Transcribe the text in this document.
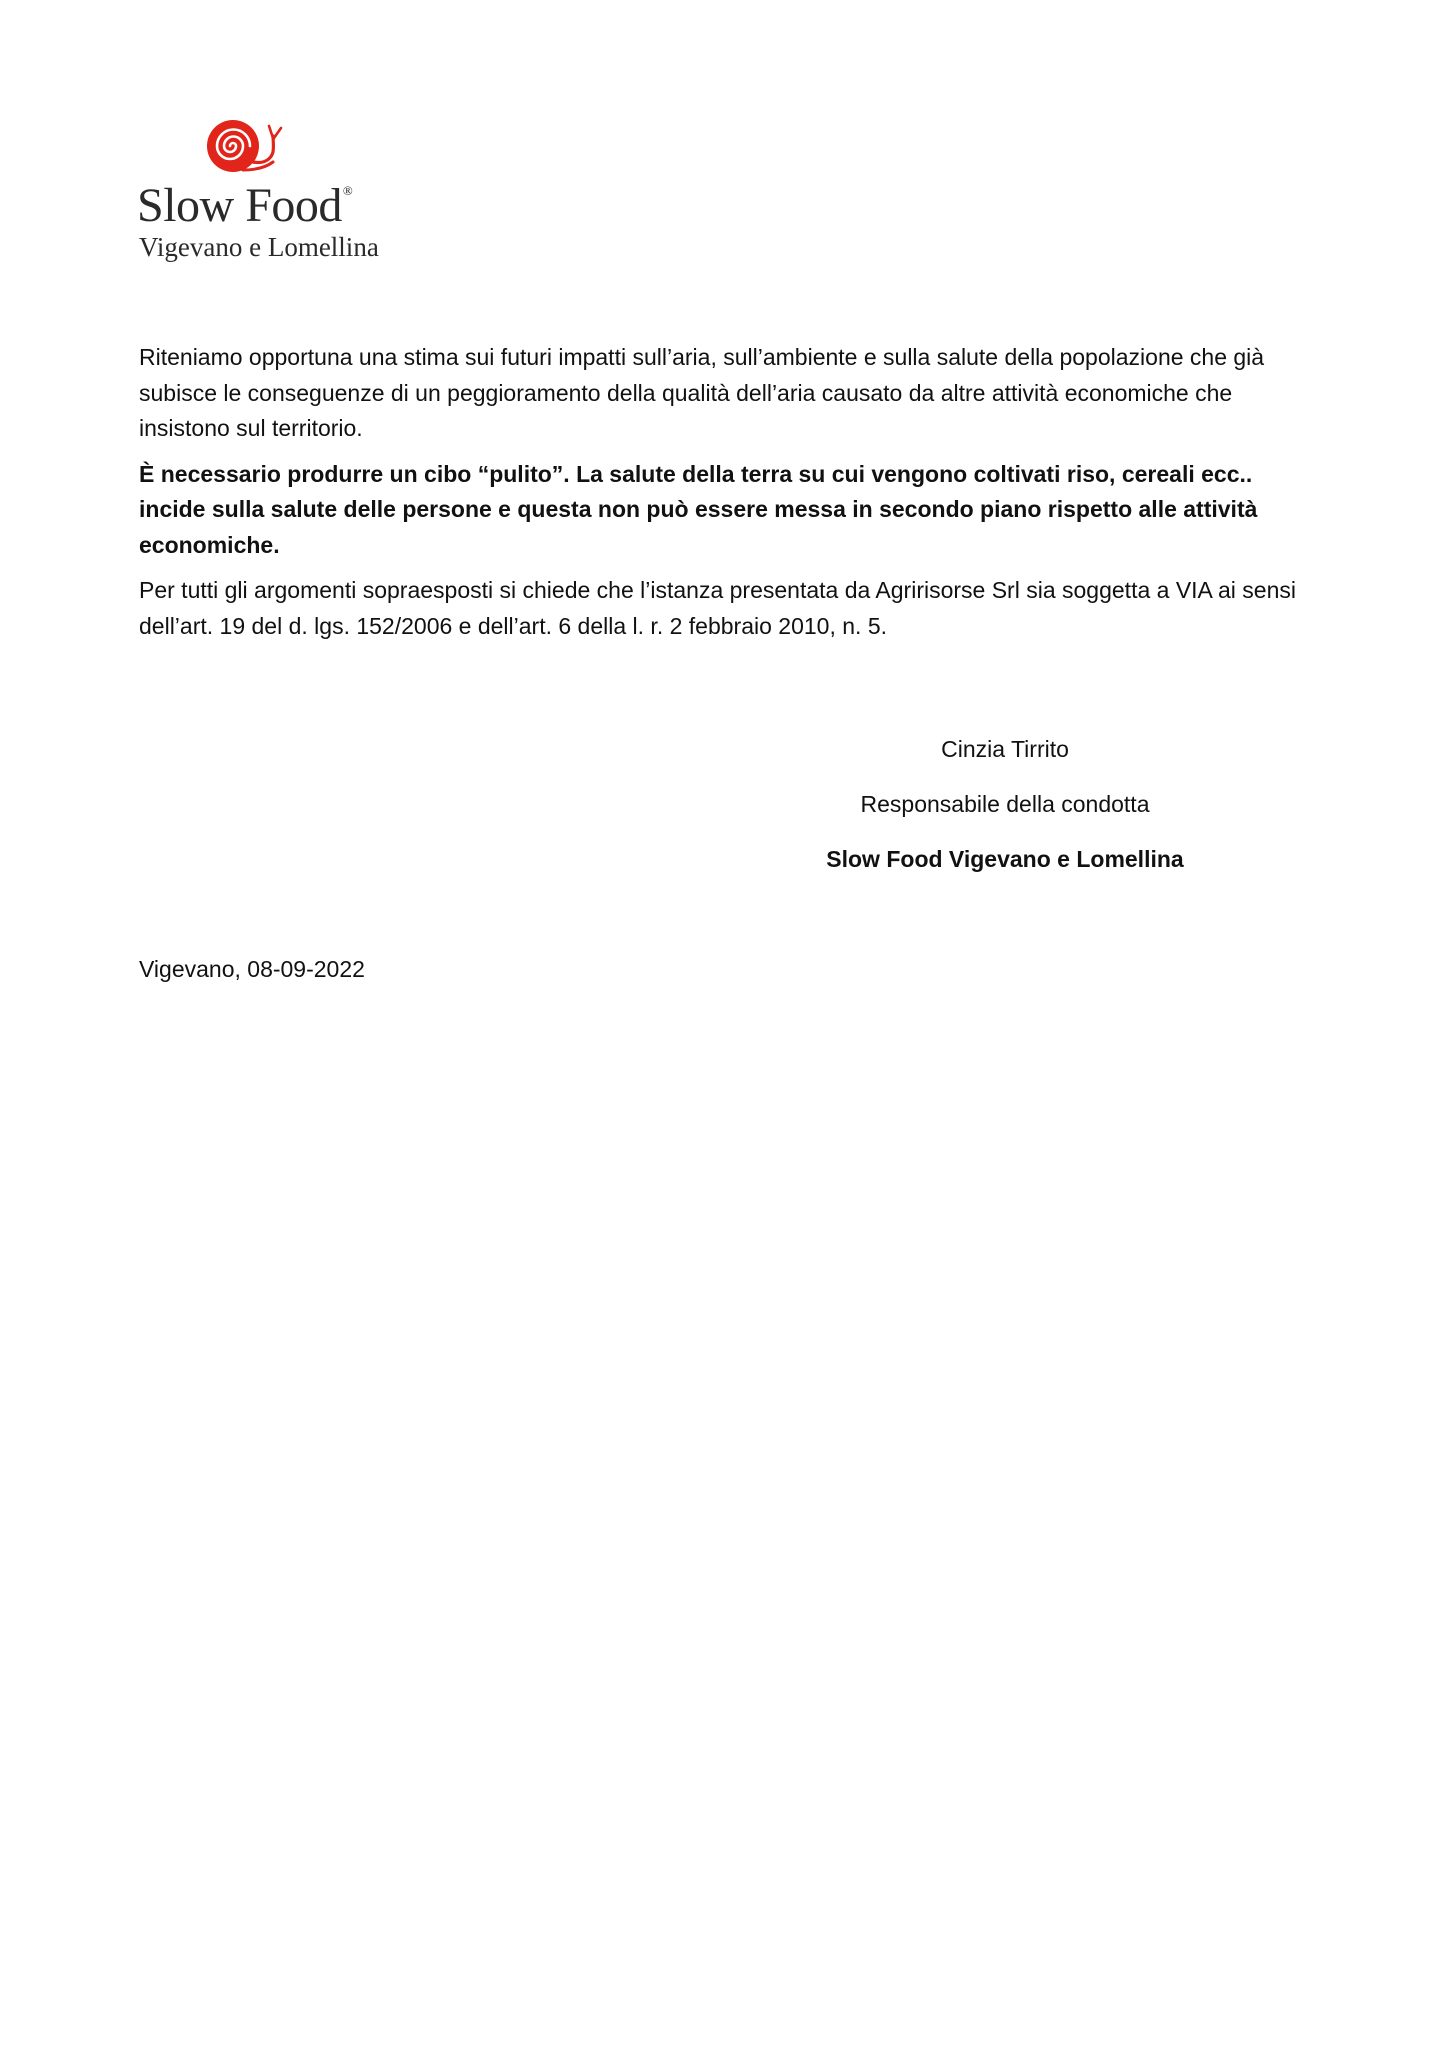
Slow Food®
Vigevano e Lomellina

Riteniamo opportuna una stima sui futuri impatti sull’aria, sull’ambiente e sulla salute della popolazione che già subisce le conseguenze di un peggioramento della qualità dell’aria causato da altre attività economiche che insistono sul territorio.

È necessario produrre un cibo “pulito”. La salute della terra su cui vengono coltivati riso, cereali ecc.. incide sulla salute delle persone e questa non può essere messa in secondo piano rispetto alle attività economiche.

Per tutti gli argomenti sopraesposti si chiede che l’istanza presentata da Agririsorse Srl sia soggetta a VIA ai sensi dell’art. 19 del d. lgs. 152/2006 e dell’art. 6 della l. r. 2 febbraio 2010, n. 5.

Cinzia Tirrito
Responsabile della condotta
Slow Food Vigevano e Lomellina
Vigevano, 08-09-2022
